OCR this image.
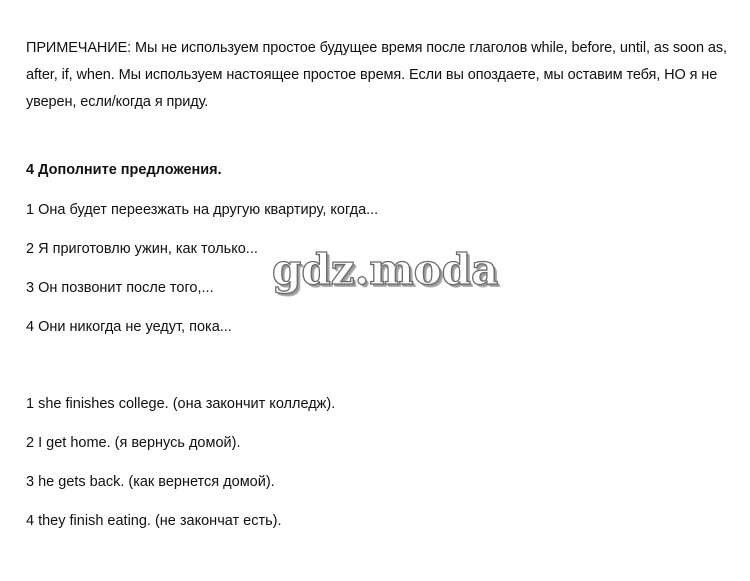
ПРИМЕЧАНИЕ: Мы не используем простое будущее время после глаголов while, before, until, as soon as, after, if, when. Мы используем настоящее простое время. Если вы опоздаете, мы оставим тебя, НО я не уверен, если/когда я приду.

4 Дополните предложения.
1 Она будет переезжать на другую квартиру, когда...
2 Я приготовлю ужин, как только...
3 Он позвонит после того,...
4 Они никогда не уедут, пока...
1 she finishes college. (она закончит колледж).
2 I get home. (я вернусь домой).
3 he gets back. (как вернется домой).
4 they finish eating. (не закончат есть).
gdz.moda
